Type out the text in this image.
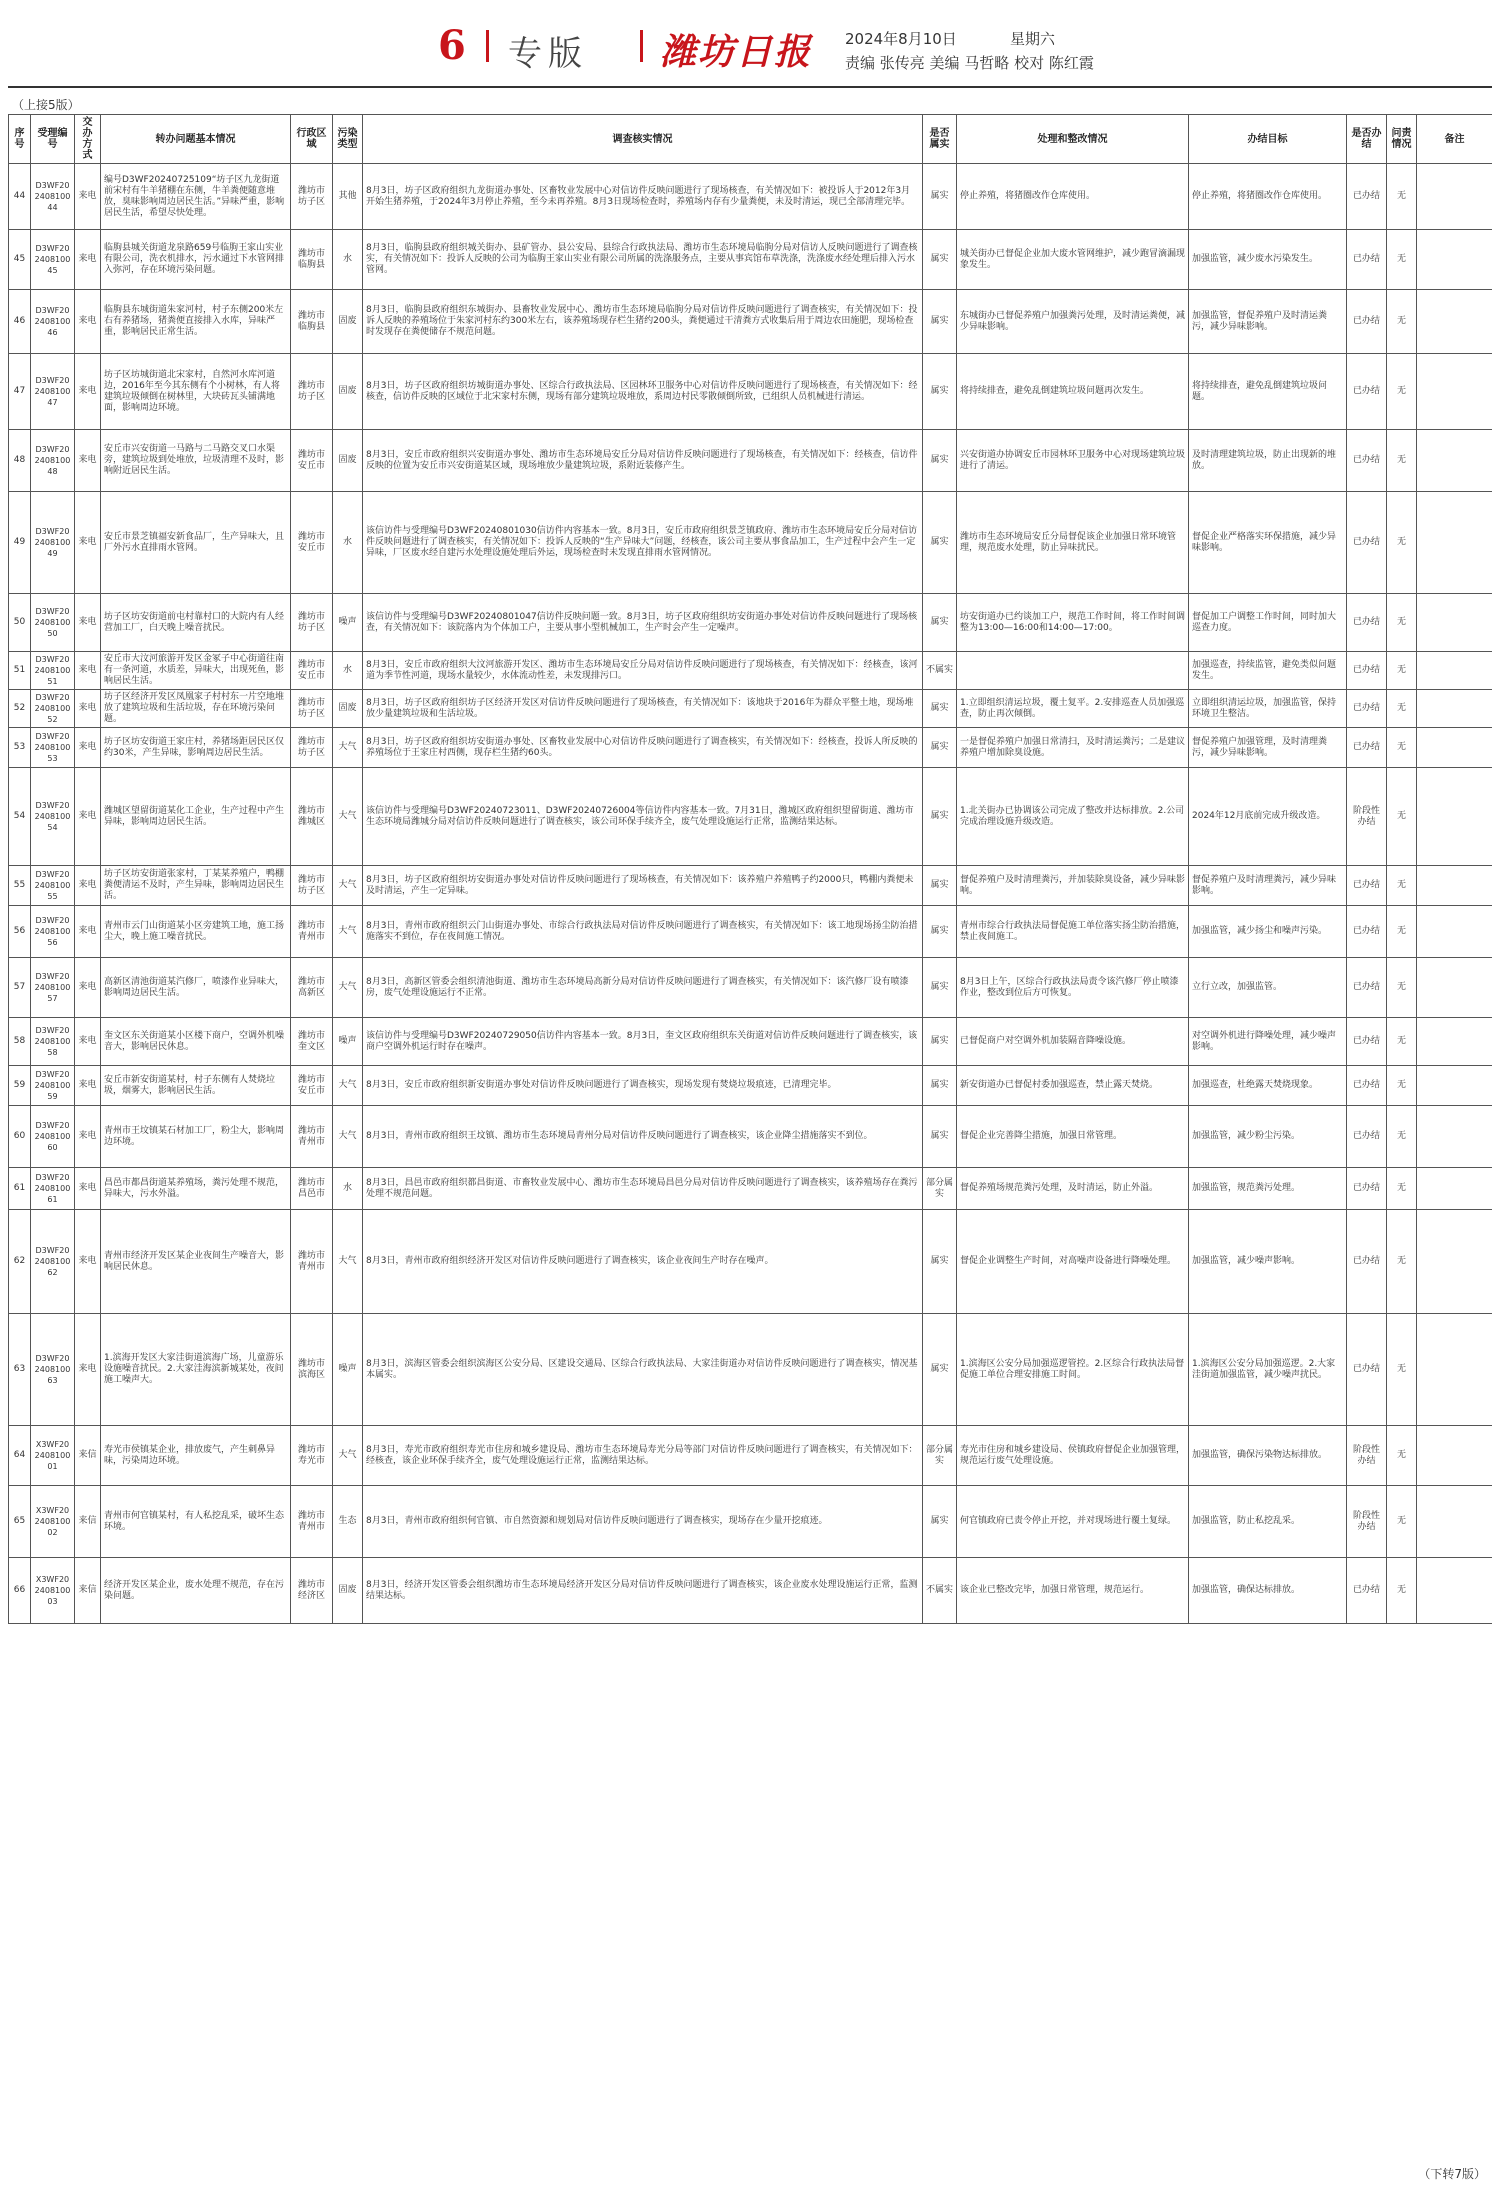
6 专版 潍坊日报 2024年8月10日	星期六
责编 张传亮 美编 马哲略 校对 陈红霞
（上接5版）
序号	受理编号	交办方式	转办问题基本情况	行政区域	污染类型	调查核实情况	是否属实	处理和整改情况	办结目标	是否办结	问责情况	备注
44	D3WF20240810044	来电	编号D3WF20240725109“坊子区九龙街道前宋村有牛羊猪棚在东侧，牛羊粪便随意堆放，臭味影响周边居民生活。”异味严重，影响居民生活，希望尽快处理。	潍坊市坊子区	其他	8月3日，坊子区政府组织九龙街道办事处、区畜牧业发展中心对信访件反映问题进行了现场核查，有关情况如下：被投诉人于2012年3月开始生猪养殖，于2024年3月停止养殖，至今未再养殖。8月3日现场检查时，养殖场内存有少量粪便，未及时清运，现已全部清理完毕。	属实	停止养殖，将猪圈改作仓库使用。	停止养殖，将猪圈改作仓库使用。	已办结	无	
45	D3WF20240810045	来电	临朐县城关街道龙泉路659号临朐王家山实业有限公司，洗衣机排水，污水通过下水管网排入弥河，存在环境污染问题。	潍坊市临朐县	水	8月3日，临朐县政府组织城关街办、县矿管办、县公安局、县综合行政执法局、潍坊市生态环境局临朐分局对信访人反映问题进行了调查核实，有关情况如下：投诉人反映的公司为临朐王家山实业有限公司所属的洗涤服务点，主要从事宾馆布草洗涤，洗涤废水经处理后排入污水管网。	属实	城关街办已督促企业加大废水管网维护，减少跑冒滴漏现象发生。	加强监管，减少废水污染发生。	已办结	无	
46	D3WF20240810046	来电	临朐县东城街道朱家河村，村子东侧200米左右有养猪场，猪粪便直接排入水库，异味严重，影响居民正常生活。	潍坊市临朐县	固废	8月3日，临朐县政府组织东城街办、县畜牧业发展中心、潍坊市生态环境局临朐分局对信访件反映问题进行了调查核实，有关情况如下：投诉人反映的养殖场位于朱家河村东约300米左右，该养殖场现存栏生猪约200头，粪便通过干清粪方式收集后用于周边农田施肥，现场检查时发现存在粪便储存不规范问题。	属实	东城街办已督促养殖户加强粪污处理，及时清运粪便，减少异味影响。	加强监管，督促养殖户及时清运粪污，减少异味影响。	已办结	无	
47	D3WF20240810047	来电	坊子区坊城街道北宋家村，自然河水库河道边，2016年至今其东侧有个小树林，有人将建筑垃圾倾倒在树林里，大块砖瓦头铺满地面，影响周边环境。	潍坊市坊子区	固废	8月3日，坊子区政府组织坊城街道办事处、区综合行政执法局、区园林环卫服务中心对信访件反映问题进行了现场核查，有关情况如下：经核查，信访件反映的区域位于北宋家村东侧，现场有部分建筑垃圾堆放，系周边村民零散倾倒所致，已组织人员机械进行清运。	属实	将持续排查，避免乱倒建筑垃圾问题再次发生。	将持续排查，避免乱倒建筑垃圾问题。	已办结	无	
48	D3WF20240810048	来电	安丘市兴安街道一马路与二马路交叉口水渠旁，建筑垃圾到处堆放，垃圾清理不及时，影响附近居民生活。	潍坊市安丘市	固废	8月3日，安丘市政府组织兴安街道办事处、潍坊市生态环境局安丘分局对信访件反映问题进行了现场核查，有关情况如下：经核查，信访件反映的位置为安丘市兴安街道某区域，现场堆放少量建筑垃圾，系附近装修产生。	属实	兴安街道办协调安丘市园林环卫服务中心对现场建筑垃圾进行了清运。	及时清理建筑垃圾，防止出现新的堆放。	已办结	无	
49	D3WF20240810049	来电	安丘市景芝镇福安新食品厂，生产异味大，且厂外污水直排雨水管网。	潍坊市安丘市	水	该信访件与受理编号D3WF20240801030信访件内容基本一致。8月3日，安丘市政府组织景芝镇政府、潍坊市生态环境局安丘分局对信访件反映问题进行了调查核实，有关情况如下：投诉人反映的“生产异味大”问题，经核查，该公司主要从事食品加工，生产过程中会产生一定异味，厂区废水经自建污水处理设施处理后外运，现场检查时未发现直排雨水管网情况。	属实	潍坊市生态环境局安丘分局督促该企业加强日常环境管理，规范废水处理，防止异味扰民。	督促企业严格落实环保措施，减少异味影响。	已办结	无	
50	D3WF20240810050	来电	坊子区坊安街道前屯村靠村口的大院内有人经营加工厂，白天晚上噪音扰民。	潍坊市坊子区	噪声	该信访件与受理编号D3WF20240801047信访件反映问题一致。8月3日，坊子区政府组织坊安街道办事处对信访件反映问题进行了现场核查，有关情况如下：该院落内为个体加工户，主要从事小型机械加工，生产时会产生一定噪声。	属实	坊安街道办已约谈加工户，规范工作时间，将工作时间调整为13:00—16:00和14:00—17:00。	督促加工户调整工作时间，同时加大巡查力度。	已办结	无	
51	D3WF20240810051	来电	安丘市大汶河旅游开发区金冢子中心街道往南有一条河道，水质差，异味大，出现死鱼，影响居民生活。	潍坊市安丘市	水	8月3日，安丘市政府组织大汶河旅游开发区、潍坊市生态环境局安丘分局对信访件反映问题进行了现场核查，有关情况如下：经核查，该河道为季节性河道，现场水量较少，水体流动性差，未发现排污口。	不属实		加强巡查，持续监管，避免类似问题发生。	已办结	无	
52	D3WF20240810052	来电	坊子区经济开发区凤凰家子村村东一片空地堆放了建筑垃圾和生活垃圾，存在环境污染问题。	潍坊市坊子区	固废	8月3日，坊子区政府组织坊子区经济开发区对信访件反映问题进行了现场核查，有关情况如下：该地块于2016年为群众平整土地，现场堆放少量建筑垃圾和生活垃圾。	属实	1.立即组织清运垃圾，覆土复平。2.安排巡查人员加强巡查，防止再次倾倒。	立即组织清运垃圾，加强监管，保持环境卫生整洁。	已办结	无	
53	D3WF20240810053	来电	坊子区坊安街道王家庄村，养猪场距居民区仅约30米，产生异味，影响周边居民生活。	潍坊市坊子区	大气	8月3日，坊子区政府组织坊安街道办事处、区畜牧业发展中心对信访件反映问题进行了调查核实，有关情况如下：经核查，投诉人所反映的养殖场位于王家庄村西侧，现存栏生猪约60头。	属实	一是督促养殖户加强日常清扫，及时清运粪污；二是建议养殖户增加除臭设施。	督促养殖户加强管理，及时清理粪污，减少异味影响。	已办结	无	
54	D3WF20240810054	来电	潍城区望留街道某化工企业，生产过程中产生异味，影响周边居民生活。	潍坊市潍城区	大气	该信访件与受理编号D3WF20240723011、D3WF20240726004等信访件内容基本一致。7月31日，潍城区政府组织望留街道、潍坊市生态环境局潍城分局对信访件反映问题进行了调查核实，该公司环保手续齐全，废气处理设施运行正常，监测结果达标。	属实	1.北关街办已协调该公司完成了整改并达标排放。2.公司完成治理设施升级改造。	2024年12月底前完成升级改造。	阶段性办结	无	
55	D3WF20240810055	来电	坊子区坊安街道张家村，丁某某养殖户，鸭棚粪便清运不及时，产生异味，影响周边居民生活。	潍坊市坊子区	大气	8月3日，坊子区政府组织坊安街道办事处对信访件反映问题进行了现场核查，有关情况如下：该养殖户养殖鸭子约2000只，鸭棚内粪便未及时清运，产生一定异味。	属实	督促养殖户及时清理粪污，并加装除臭设备，减少异味影响。	督促养殖户及时清理粪污，减少异味影响。	已办结	无	
56	D3WF20240810056	来电	青州市云门山街道某小区旁建筑工地，施工扬尘大，晚上施工噪音扰民。	潍坊市青州市	大气	8月3日，青州市政府组织云门山街道办事处、市综合行政执法局对信访件反映问题进行了调查核实，有关情况如下：该工地现场扬尘防治措施落实不到位，存在夜间施工情况。	属实	青州市综合行政执法局督促施工单位落实扬尘防治措施，禁止夜间施工。	加强监管，减少扬尘和噪声污染。	已办结	无	
57	D3WF20240810057	来电	高新区清池街道某汽修厂，喷漆作业异味大，影响周边居民生活。	潍坊市高新区	大气	8月3日，高新区管委会组织清池街道、潍坊市生态环境局高新分局对信访件反映问题进行了调查核实，有关情况如下：该汽修厂设有喷漆房，废气处理设施运行不正常。	属实	8月3日上午，区综合行政执法局责令该汽修厂停止喷漆作业，整改到位后方可恢复。	立行立改，加强监管。	已办结	无	
58	D3WF20240810058	来电	奎文区东关街道某小区楼下商户，空调外机噪音大，影响居民休息。	潍坊市奎文区	噪声	该信访件与受理编号D3WF20240729050信访件内容基本一致。8月3日，奎文区政府组织东关街道对信访件反映问题进行了调查核实，该商户空调外机运行时存在噪声。	属实	已督促商户对空调外机加装隔音降噪设施。	对空调外机进行降噪处理，减少噪声影响。	已办结	无	
59	D3WF20240810059	来电	安丘市新安街道某村，村子东侧有人焚烧垃圾，烟雾大，影响居民生活。	潍坊市安丘市	大气	8月3日，安丘市政府组织新安街道办事处对信访件反映问题进行了调查核实，现场发现有焚烧垃圾痕迹，已清理完毕。	属实	新安街道办已督促村委加强巡查，禁止露天焚烧。	加强巡查，杜绝露天焚烧现象。	已办结	无	
60	D3WF20240810060	来电	青州市王坟镇某石材加工厂，粉尘大，影响周边环境。	潍坊市青州市	大气	8月3日，青州市政府组织王坟镇、潍坊市生态环境局青州分局对信访件反映问题进行了调查核实，该企业降尘措施落实不到位。	属实	督促企业完善降尘措施，加强日常管理。	加强监管，减少粉尘污染。	已办结	无	
61	D3WF20240810061	来电	昌邑市都昌街道某养殖场，粪污处理不规范，异味大，污水外溢。	潍坊市昌邑市	水	8月3日，昌邑市政府组织都昌街道、市畜牧业发展中心、潍坊市生态环境局昌邑分局对信访件反映问题进行了调查核实，该养殖场存在粪污处理不规范问题。	部分属实	督促养殖场规范粪污处理，及时清运，防止外溢。	加强监管，规范粪污处理。	已办结	无	
62	D3WF20240810062	来电	青州市经济开发区某企业夜间生产噪音大，影响居民休息。	潍坊市青州市	大气	8月3日，青州市政府组织经济开发区对信访件反映问题进行了调查核实，该企业夜间生产时存在噪声。	属实	督促企业调整生产时间，对高噪声设备进行降噪处理。	加强监管，减少噪声影响。	已办结	无	
63	D3WF20240810063	来电	1.滨海开发区大家洼街道滨海广场，儿童游乐设施噪音扰民。2.大家洼海滨新城某处，夜间施工噪声大。	潍坊市滨海区	噪声	8月3日，滨海区管委会组织滨海区公安分局、区建设交通局、区综合行政执法局、大家洼街道办对信访件反映问题进行了调查核实，情况基本属实。	属实	1.滨海区公安分局加强巡逻管控。2.区综合行政执法局督促施工单位合理安排施工时间。	1.滨海区公安分局加强巡逻。2.大家洼街道加强监管，减少噪声扰民。	已办结	无	
64	X3WF20240810001	来信	寿光市侯镇某企业，排放废气，产生刺鼻异味，污染周边环境。	潍坊市寿光市	大气	8月3日，寿光市政府组织寿光市住房和城乡建设局、潍坊市生态环境局寿光分局等部门对信访件反映问题进行了调查核实，有关情况如下：经核查，该企业环保手续齐全，废气处理设施运行正常，监测结果达标。	部分属实	寿光市住房和城乡建设局、侯镇政府督促企业加强管理，规范运行废气处理设施。	加强监管，确保污染物达标排放。	阶段性办结	无	
65	X3WF20240810002	来信	青州市何官镇某村，有人私挖乱采，破坏生态环境。	潍坊市青州市	生态	8月3日，青州市政府组织何官镇、市自然资源和规划局对信访件反映问题进行了调查核实，现场存在少量开挖痕迹。	属实	何官镇政府已责令停止开挖，并对现场进行覆土复绿。	加强监管，防止私挖乱采。	阶段性办结	无	
66	X3WF20240810003	来信	经济开发区某企业，废水处理不规范，存在污染问题。	潍坊市经济区	固废	8月3日，经济开发区管委会组织潍坊市生态环境局经济开发区分局对信访件反映问题进行了调查核实，该企业废水处理设施运行正常，监测结果达标。	不属实	该企业已整改完毕，加强日常管理，规范运行。	加强监管，确保达标排放。	已办结	无	
（下转7版）
